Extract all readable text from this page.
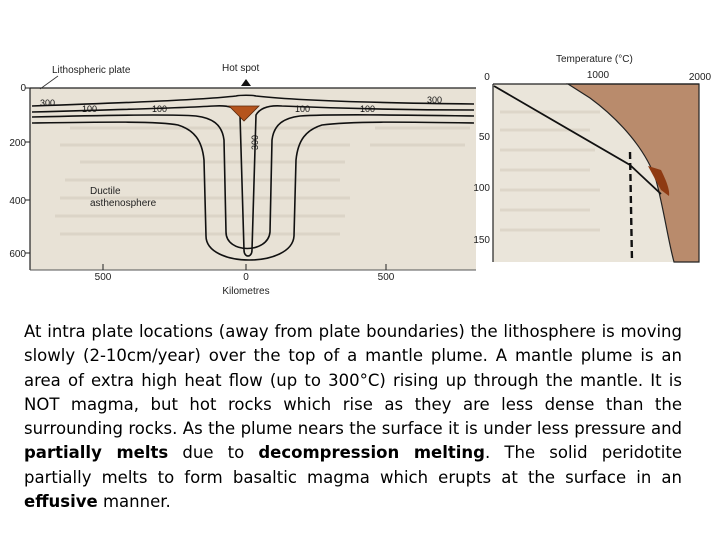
Lithospheric plate	Hot spot
Ductile
asthenosphere
300
100	100	100	100
300
300
0
200
400
600
500	0	500
Kilometres
Temperature (°C)
0	1000	2000
50
100
150
At intra plate locations (away from plate boundaries) the lithosphere is moving slowly (2-10cm/year) over the top of a mantle plume. A mantle plume is an area of extra high heat flow (up to 300°C) rising up through the mantle. It is NOT magma, but hot rocks which rise as they are less dense than the surrounding rocks. As the plume nears the surface it is under less pressure and partially melts due to decompression melting. The solid peridotite partially melts to form basaltic magma which erupts at the surface in an effusive manner.
